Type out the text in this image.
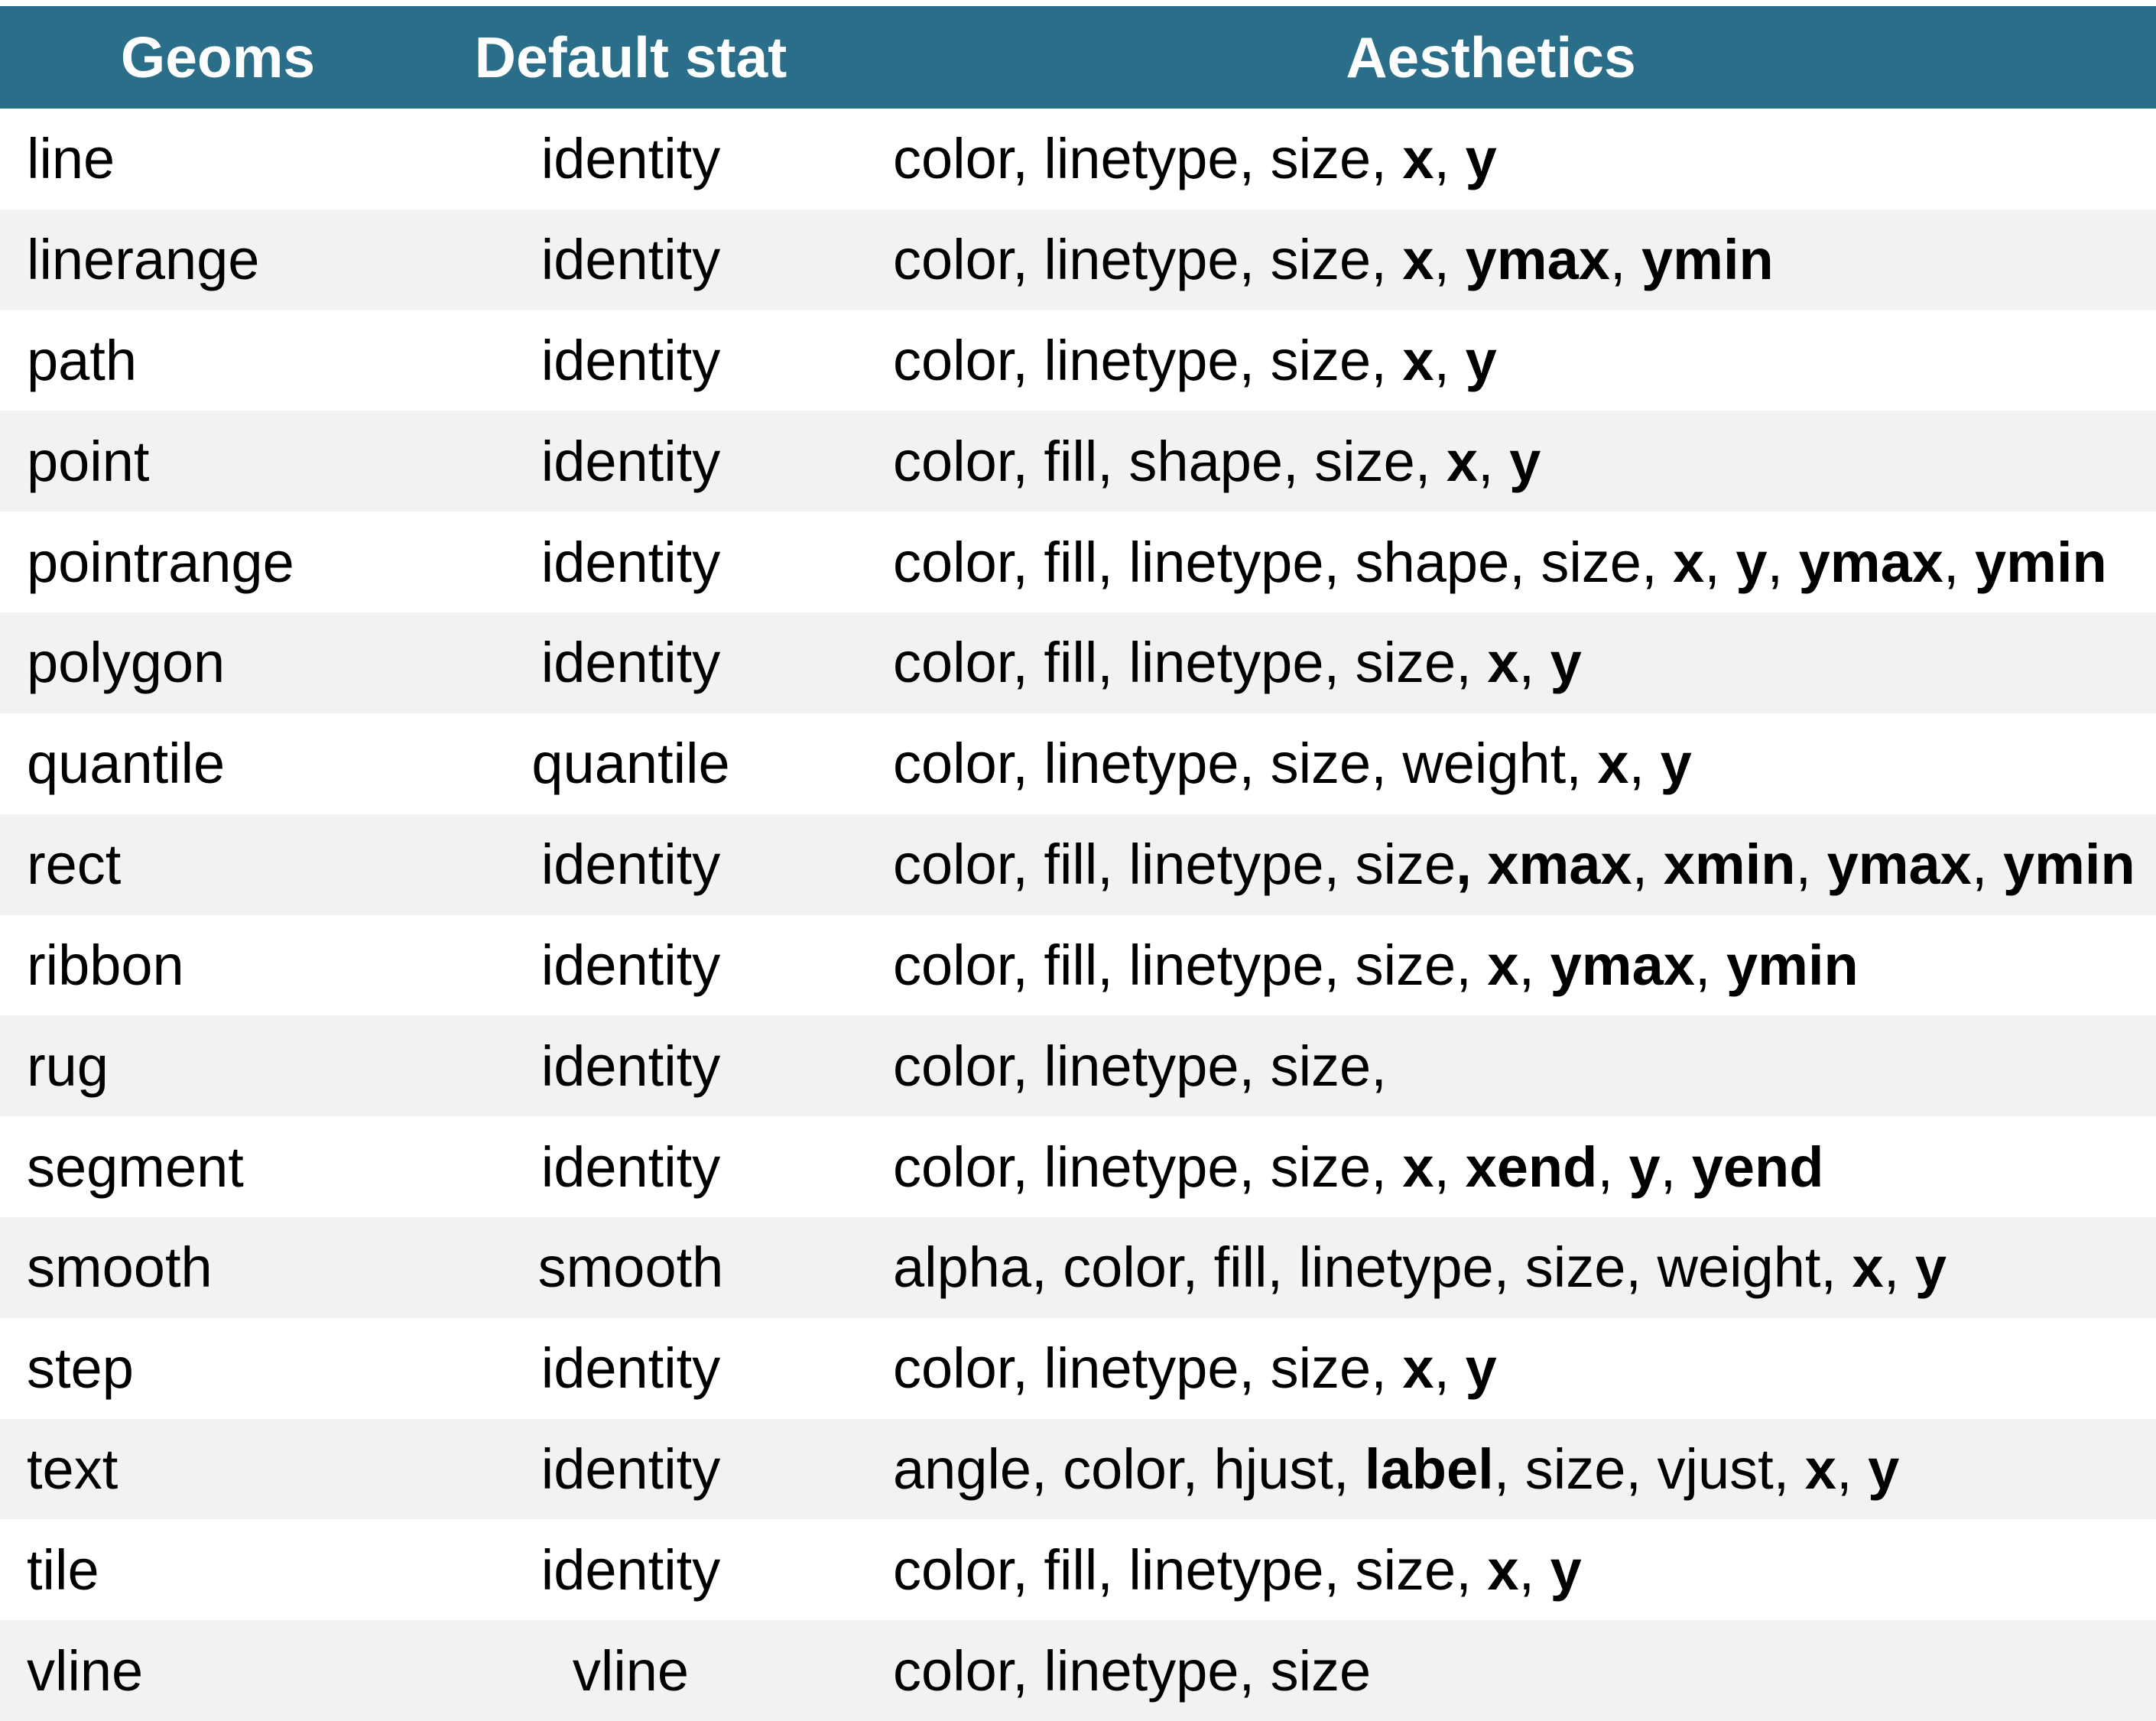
Geoms	Default stat	Aesthetics
line	identity	color, linetype, size, x, y
linerange	identity	color, linetype, size, x, ymax, ymin
path	identity	color, linetype, size, x, y
point	identity	color, fill, shape, size, x, y
pointrange	identity	color, fill, linetype, shape, size, x, y, ymax, ymin
polygon	identity	color, fill, linetype, size, x, y
quantile	quantile	color, linetype, size, weight, x, y
rect	identity	color, fill, linetype, size, xmax, xmin, ymax, ymin
ribbon	identity	color, fill, linetype, size, x, ymax, ymin
rug	identity	color, linetype, size,
segment	identity	color, linetype, size, x, xend, y, yend
smooth	smooth	alpha, color, fill, linetype, size, weight, x, y
step	identity	color, linetype, size, x, y
text	identity	angle, color, hjust, label, size, vjust, x, y
tile	identity	color, fill, linetype, size, x, y
vline	vline	color, linetype, size
